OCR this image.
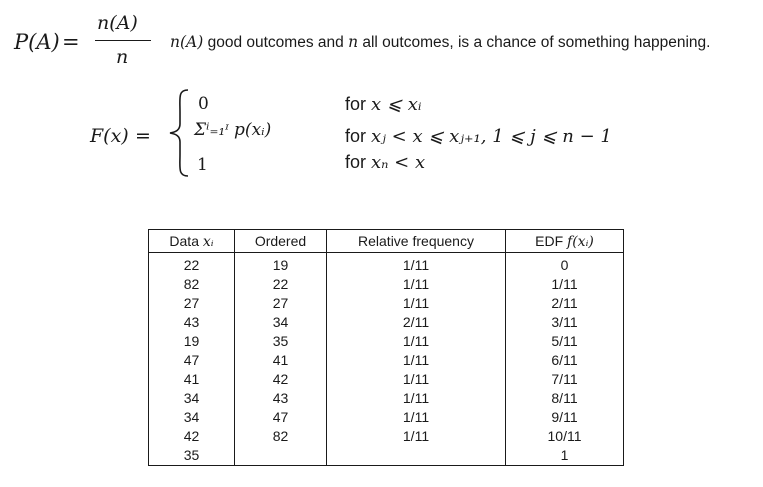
P(A) =
n(A)
n
n(A) good outcomes and n all outcomes, is a chance of something happening.
F(x) =
0
Σⁱ₌₁ᶦ p(xᵢ)
1
for x ⩽ xᵢ
for xⱼ < x ⩽ xⱼ₊₁, 1 ⩽ j ⩽ n − 1
for xₙ < x
Data xᵢ	Ordered	Relative frequency	EDF f(xᵢ)
22	19	1/11	0
82	22	1/11	1/11
27	27	1/11	2/11
43	34	2/11	3/11
19	35	1/11	5/11
47	41	1/11	6/11
41	42	1/11	7/11
34	43	1/11	8/11
34	47	1/11	9/11
42	82	1/11	10/11
35			1
